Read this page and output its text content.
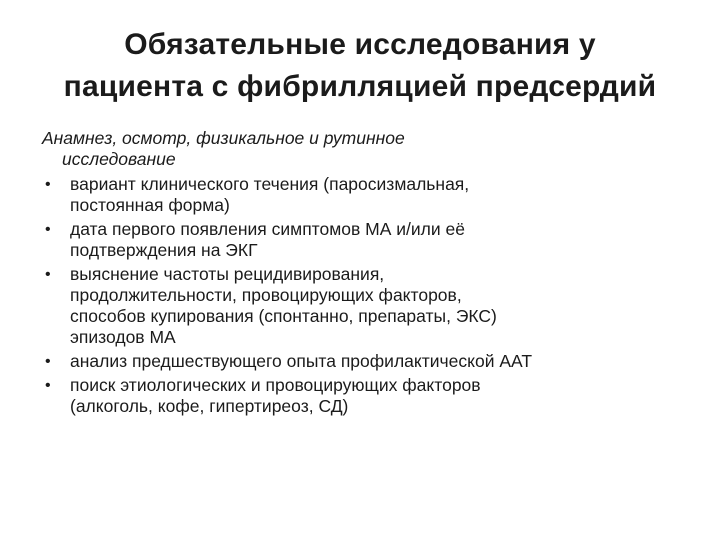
Обязательные исследования у
пациента с фибрилляцией предсердий

Анамнез, осмотр, физикальное и рутинное
исследование

• вариант клинического течения (паросизмальная,
постоянная форма)
• дата первого появления симптомов МА и/или её
подтверждения на ЭКГ
• выяснение частоты рецидивирования,
продолжительности, провоцирующих факторов,
способов купирования (спонтанно, препараты, ЭКС)
эпизодов МА
• анализ предшествующего опыта профилактической ААТ
• поиск этиологических и провоцирующих факторов
(алкоголь, кофе, гипертиреоз, СД)
